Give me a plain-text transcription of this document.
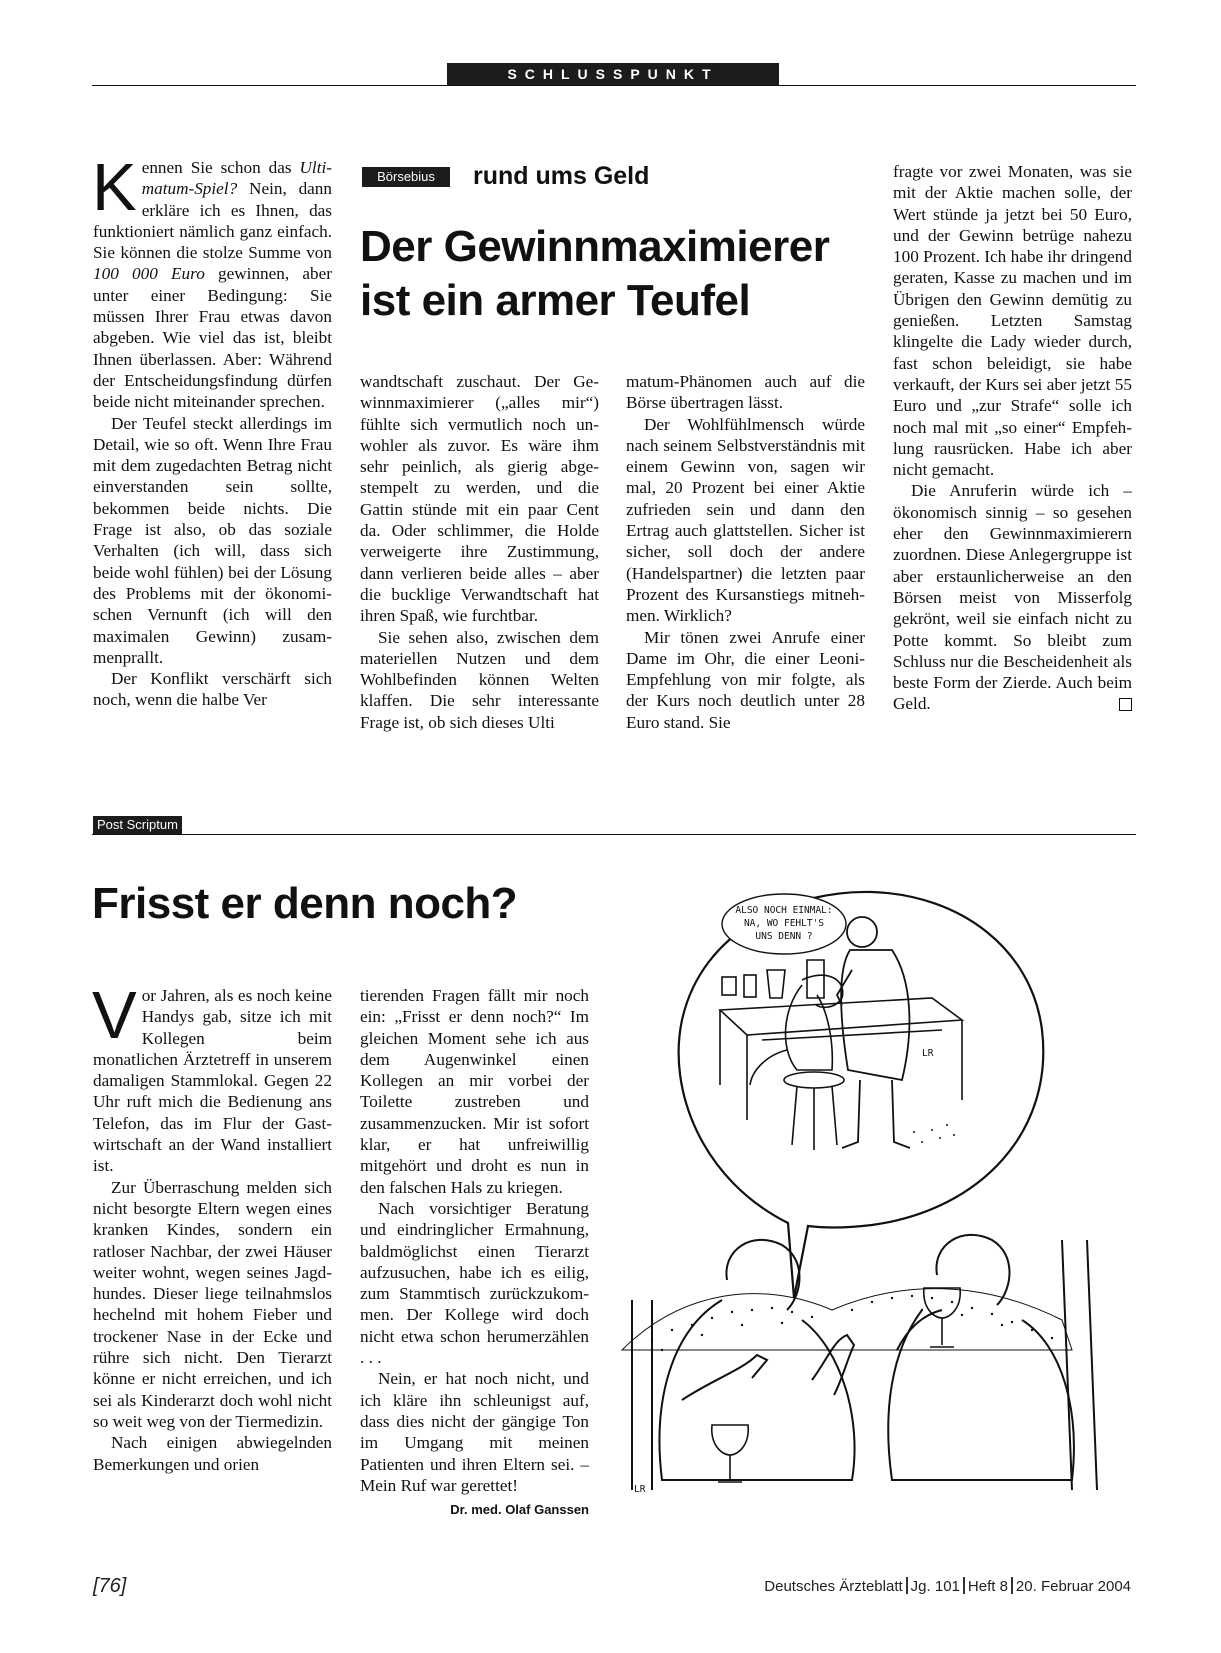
SCHLUSSPUNKT
Börsebius	rund ums Geld
Der Gewinnmaximierer
ist ein armer Teufel

Kennen Sie schon das Ultimatum-Spiel? Nein, dann erkläre ich es Ihnen, das funktioniert nämlich ganz einfach. Sie können die stolze Summe von 100 000 Euro gewinnen, aber unter einer Bedingung: Sie müssen Ihrer Frau etwas davon abgeben. Wie viel das ist, bleibt Ihnen überlassen. Aber: Während der Entscheidungsfindung dürfen beide nicht miteinander sprechen.

Der Teufel steckt allerdings im Detail, wie so oft. Wenn Ihre Frau mit dem zugedachten Betrag nicht einverstanden sein sollte, bekommen beide nichts. Die Frage ist also, ob das soziale Verhalten (ich will, dass sich beide wohl fühlen) bei der Lösung des Problems mit der ökonomischen Vernunft (ich will den maximalen Gewinn) zusammenprallt.

Der Konflikt verschärft sich noch, wenn die halbe Ver

wandtschaft zuschaut. Der Gewinnmaximierer („alles mir“) fühlte sich vermutlich noch unwohler als zuvor. Es wäre ihm sehr peinlich, als gierig abgestempelt zu werden, und die Gattin stünde mit ein paar Cent da. Oder schlimmer, die Holde verweigerte ihre Zustimmung, dann verlieren beide alles – aber die bucklige Verwandtschaft hat ihren Spaß, wie furchtbar.

Sie sehen also, zwischen dem materiellen Nutzen und dem Wohlbefinden können Welten klaffen. Die sehr interessante Frage ist, ob sich dieses Ulti

matum-Phänomen auch auf die Börse übertragen lässt.

Der Wohlfühlmensch würde nach seinem Selbstverständnis mit einem Gewinn von, sagen wir mal, 20 Prozent bei einer Aktie zufrieden sein und dann den Ertrag auch glattstellen. Sicher ist sicher, soll doch der andere (Handelspartner) die letzten paar Prozent des Kursanstiegs mitnehmen. Wirklich?

Mir tönen zwei Anrufe einer Dame im Ohr, die einer Leoni-Empfehlung von mir folgte, als der Kurs noch deutlich unter 28 Euro stand. Sie

fragte vor zwei Monaten, was sie mit der Aktie machen solle, der Wert stünde ja jetzt bei 50 Euro, und der Gewinn betrüge nahezu 100 Prozent. Ich habe ihr dringend geraten, Kasse zu machen und im Übrigen den Gewinn demütig zu genießen. Letzten Samstag klingelte die Lady wieder durch, fast schon beleidigt, sie habe verkauft, der Kurs sei aber jetzt 55 Euro und „zur Strafe“ solle ich noch mal mit „so einer“ Empfehlung rausrücken. Habe ich aber nicht gemacht.

Die Anruferin würde ich – ökonomisch sinnig – so gesehen eher den Gewinnmaximierern zuordnen. Diese Anlegergruppe ist aber erstaunlicherweise an den Börsen meist von Misserfolg gekrönt, weil sie einfach nicht zu Potte kommt. So bleibt zum Schluss nur die Bescheidenheit als beste Form der Zierde. Auch beim Geld.

Post Scriptum
Frisst er denn noch?

Vor Jahren, als es noch keine Handys gab, sitze ich mit Kollegen beim monatlichen Ärztetreff in unserem damaligen Stammlokal. Gegen 22 Uhr ruft mich die Bedienung ans Telefon, das im Flur der Gastwirtschaft an der Wand installiert ist.

Zur Überraschung melden sich nicht besorgte Eltern wegen eines kranken Kindes, sondern ein ratloser Nachbar, der zwei Häuser weiter wohnt, wegen seines Jagdhundes. Dieser liege teilnahmslos hechelnd mit hohem Fieber und trockener Nase in der Ecke und rühre sich nicht. Den Tierarzt könne er nicht erreichen, und ich sei als Kinderarzt doch wohl nicht so weit weg von der Tiermedizin.

Nach einigen abwiegelnden Bemerkungen und orien

tierenden Fragen fällt mir noch ein: „Frisst er denn noch?“ Im gleichen Moment sehe ich aus dem Augenwinkel einen Kollegen an mir vorbei der Toilette zustreben und zusammenzucken. Mir ist sofort klar, er hat unfreiwillig mitgehört und droht es nun in den falschen Hals zu kriegen.

Nach vorsichtiger Beratung und eindringlicher Ermahnung, baldmöglichst einen Tierarzt aufzusuchen, habe ich es eilig, zum Stammtisch zurückzukommen. Der Kollege wird doch nicht etwa schon herumerzählen . . .

Nein, er hat noch nicht, und ich kläre ihn schleunigst auf, dass dies nicht der gängige Ton im Umgang mit meinen Patienten und ihren Eltern sei. – Mein Ruf war gerettet!
Dr. med. Olaf Ganssen

ALSO NOCH EINMAL:
NA, WO FEHLT'S
UNS DENN ?
LR
LR
[76]	Deutsches Ärzteblatt Jg. 101 Heft 8 20. Februar 2004
